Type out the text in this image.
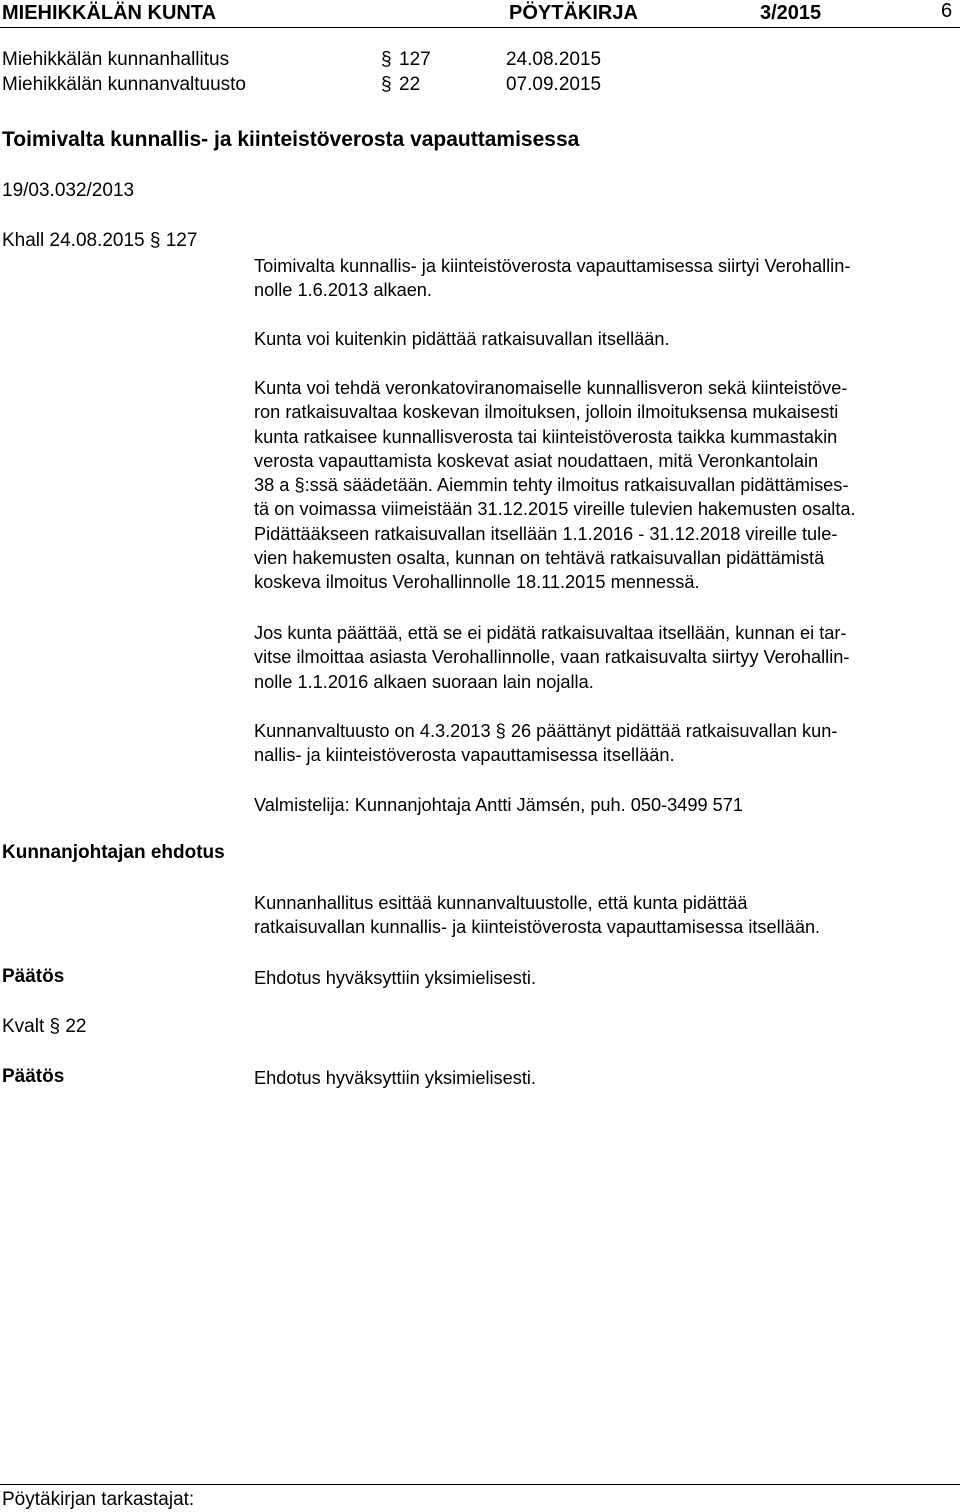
MIEHIKKÄLÄN KUNTA	PÖYTÄKIRJA	3/2015	6
Miehikkälän kunnanhallitus	§ 127	24.08.2015
Miehikkälän kunnanvaltuusto	§ 22	07.09.2015
Toimivalta kunnallis- ja kiinteistöverosta vapauttamisessa
19/03.032/2013
Khall 24.08.2015 § 127
Toimivalta kunnallis- ja kiinteistöverosta vapauttamisessa siirtyi Verohallin-
nolle 1.6.2013 alkaen.
Kunta voi kuitenkin pidättää ratkaisuvallan itsellään.
Kunta voi tehdä veronkatoviranomaiselle kunnallisveron sekä kiinteistöve-
ron ratkaisuvaltaa koskevan ilmoituksen, jolloin ilmoituksensa mukaisesti
kunta ratkaisee kunnallisverosta tai kiinteistöverosta taikka kummastakin
verosta vapauttamista koskevat asiat noudattaen, mitä Veronkantolain
38 a §:ssä säädetään. Aiemmin tehty ilmoitus ratkaisuvallan pidättämises-
tä on voimassa viimeistään 31.12.2015 vireille tulevien hakemusten osalta.
Pidättääkseen ratkaisuvallan itsellään 1.1.2016 - 31.12.2018 vireille tule-
vien hakemusten osalta, kunnan on tehtävä ratkaisuvallan pidättämistä
koskeva ilmoitus Verohallinnolle 18.11.2015 mennessä.
Jos kunta päättää, että se ei pidätä ratkaisuvaltaa itsellään, kunnan ei tar-
vitse ilmoittaa asiasta Verohallinnolle, vaan ratkaisuvalta siirtyy Verohallin-
nolle 1.1.2016 alkaen suoraan lain nojalla.
Kunnanvaltuusto on 4.3.2013 § 26 päättänyt pidättää ratkaisuvallan kun-
nallis- ja kiinteistöverosta vapauttamisessa itsellään.
Valmistelija: Kunnanjohtaja Antti Jämsén, puh. 050-3499 571
Kunnanjohtajan ehdotus
Kunnanhallitus esittää kunnanvaltuustolle, että kunta pidättää
ratkaisuvallan kunnallis- ja kiinteistöverosta vapauttamisessa itsellään.
Päätös	Ehdotus hyväksyttiin yksimielisesti.
Kvalt § 22
Päätös	Ehdotus hyväksyttiin yksimielisesti.
Pöytäkirjan tarkastajat:
